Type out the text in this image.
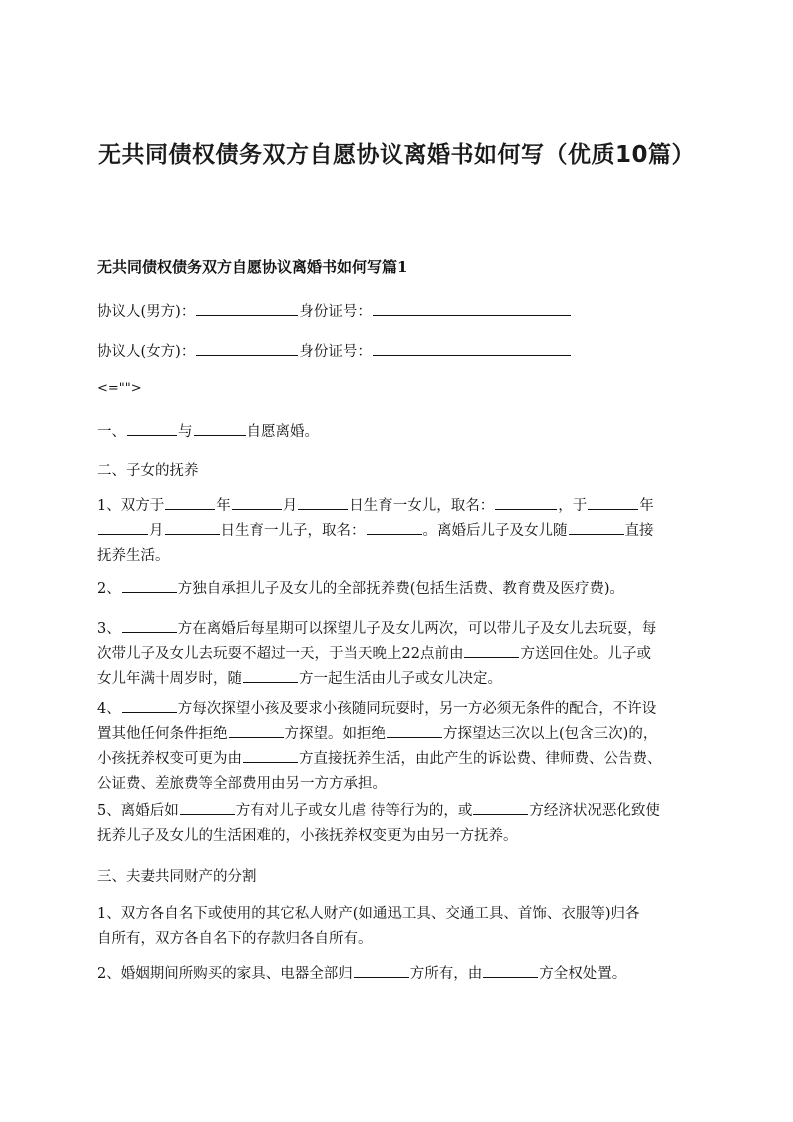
无共同债权债务双方自愿协议离婚书如何写（优质10篇）
无共同债权债务双方自愿协议离婚书如何写篇1
协议人(男方)：	身份证号：
协议人(女方)：	身份证号：
<="">
一、	与	自愿离婚。
二、子女的抚养
1、双方于	年	月	日生育一女儿，取名：	，于	年
月	日生育一儿子，取名：	。离婚后儿子及女儿随	直接
抚养生活。
2、	方独自承担儿子及女儿的全部抚养费(包括生活费、教育费及医疗费)。
3、	方在离婚后每星期可以探望儿子及女儿两次，可以带儿子及女儿去玩耍，每
次带儿子及女儿去玩耍不超过一天，于当天晚上22点前由	方送回住处。儿子或
女儿年满十周岁时，随	方一起生活由儿子或女儿决定。
4、	方每次探望小孩及要求小孩随同玩耍时，另一方必须无条件的配合，不许设
置其他任何条件拒绝	方探望。如拒绝	方探望达三次以上(包含三次)的，
小孩抚养权变可更为由	方直接抚养生活，由此产生的诉讼费、律师费、公告费、
公证费、差旅费等全部费用由另一方方承担。
5、离婚后如	方有对儿子或女儿虐 待等行为的，或	方经济状况恶化致使
抚养儿子及女儿的生活困难的，小孩抚养权变更为由另一方抚养。
三、夫妻共同财产的分割
1、双方各自名下或使用的其它私人财产(如通迅工具、交通工具、首饰、衣服等)归各
自所有，双方各自名下的存款归各自所有。
2、婚姻期间所购买的家具、电器全部归	方所有，由	方全权处置。
